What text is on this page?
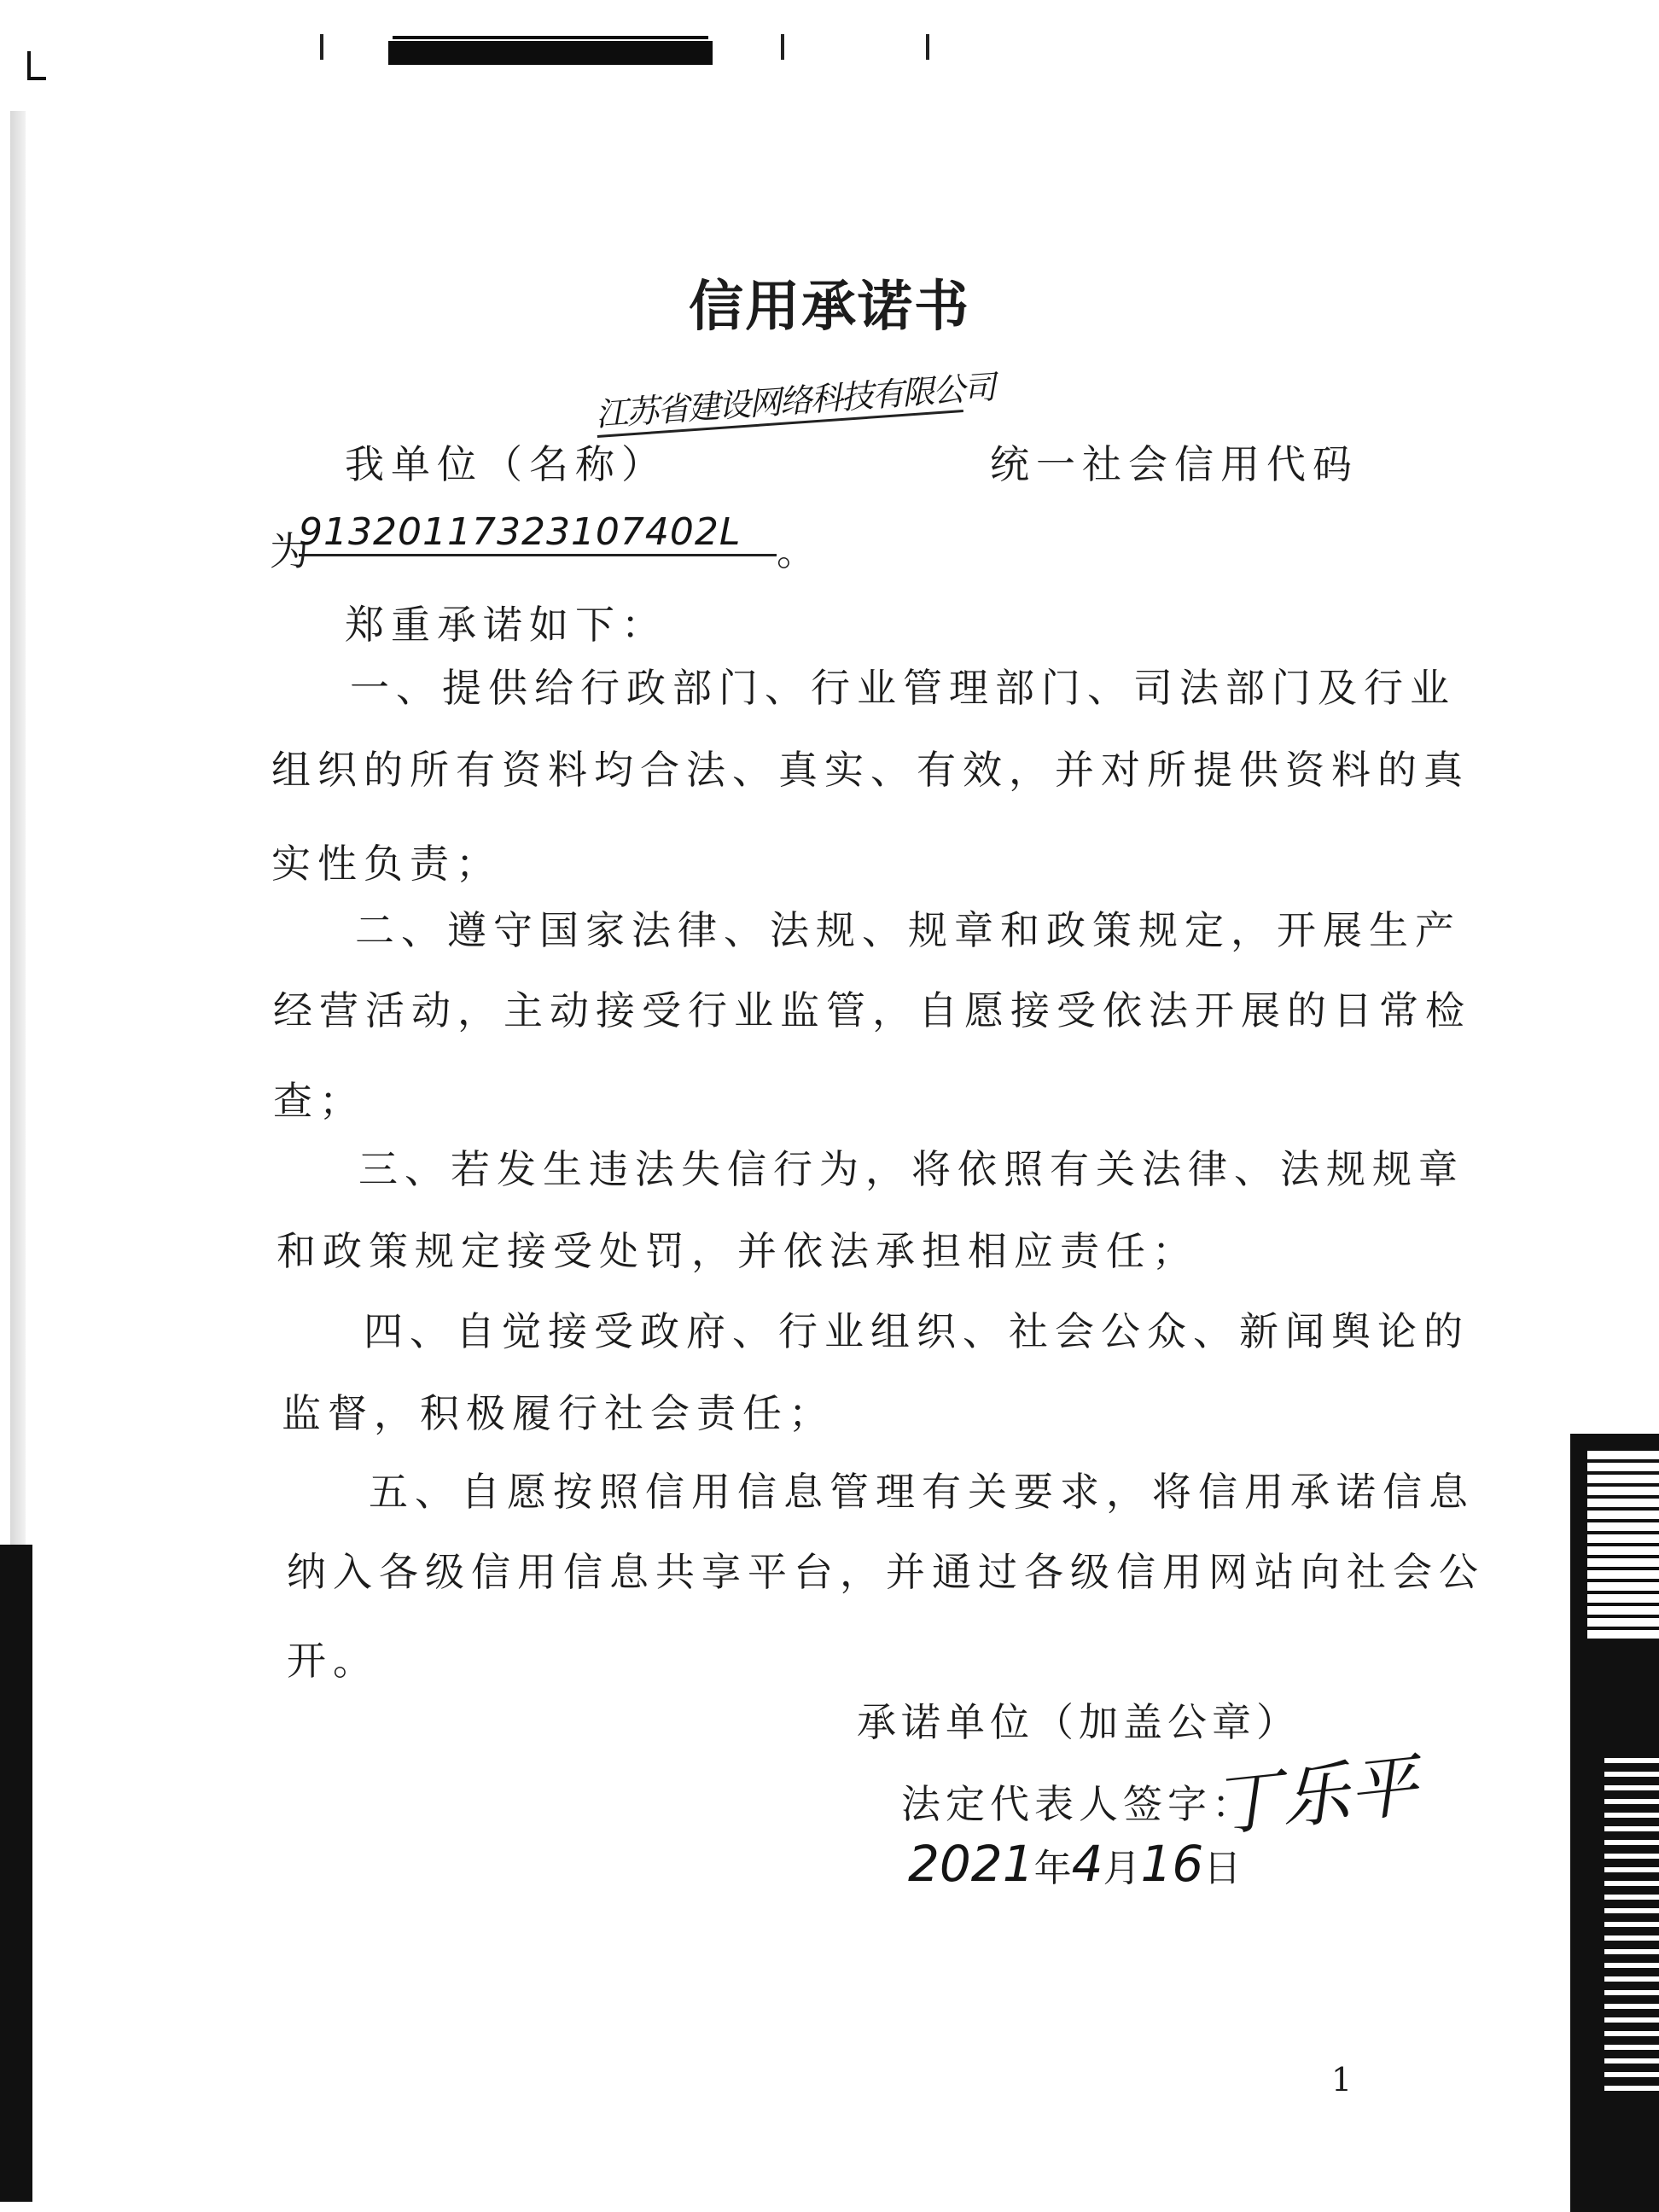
信用承诺书
我单位（名称）
江苏省建设网络科技有限公司
统一社会信用代码
为
91320117323107402L 。
郑重承诺如下：
一、提供给行政部门、行业管理部门、司法部门及行业
组织的所有资料均合法、真实、有效，并对所提供资料的真
实性负责；
二、遵守国家法律、法规、规章和政策规定，开展生产
经营活动，主动接受行业监管，自愿接受依法开展的日常检
查；
三、若发生违法失信行为，将依照有关法律、法规规章
和政策规定接受处罚，并依法承担相应责任；
四、自觉接受政府、行业组织、社会公众、新闻舆论的
监督，积极履行社会责任；
五、自愿按照信用信息管理有关要求，将信用承诺信息
纳入各级信用信息共享平台，并通过各级信用网站向社会公
开。
承诺单位（加盖公章）
法定代表人签字：
丁乐平
2021年4月16日
1
